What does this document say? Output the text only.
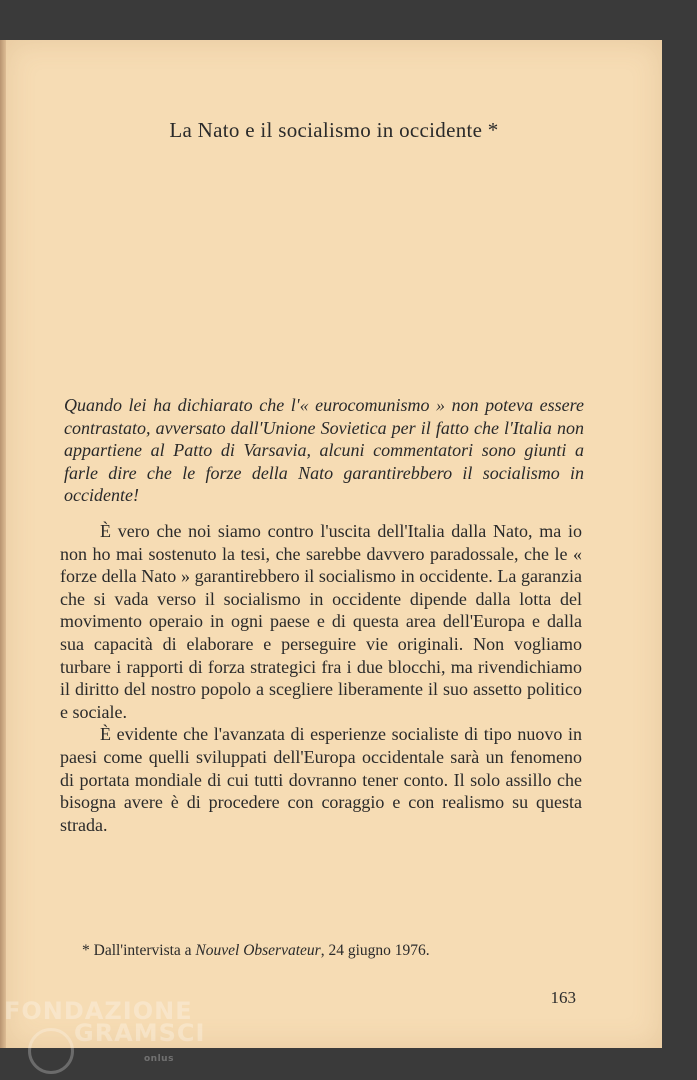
La Nato e il socialismo in occidente *
Quando lei ha dichiarato che l'« eurocomunismo » non poteva essere contrastato, avversato dall'Unione Sovietica per il fatto che l'Italia non appartiene al Patto di Varsavia, alcuni commentatori sono giunti a farle dire che le forze della Nato garantirebbero il socialismo in occidente!

È vero che noi siamo contro l'uscita dell'Italia dalla Nato, ma io non ho mai sostenuto la tesi, che sarebbe davvero paradossale, che le « forze della Nato » garantirebbero il socialismo in occidente. La garanzia che si vada verso il socialismo in occidente dipende dalla lotta del movimento operaio in ogni paese e di questa area dell'Europa e dalla sua capacità di elaborare e perseguire vie originali. Non vogliamo turbare i rapporti di forza strategici fra i due blocchi, ma rivendichiamo il diritto del nostro popolo a scegliere liberamente il suo assetto politico e sociale.

È evidente che l'avanzata di esperienze socialiste di tipo nuovo in paesi come quelli sviluppati dell'Europa occidentale sarà un fenomeno di portata mondiale di cui tutti dovranno tener conto. Il solo assillo che bisogna avere è di procedere con coraggio e con realismo su questa strada.

* Dall'intervista a Nouvel Observateur, 24 giugno 1976.
163
FONDAZIONE
GRAMSCI
onlus
